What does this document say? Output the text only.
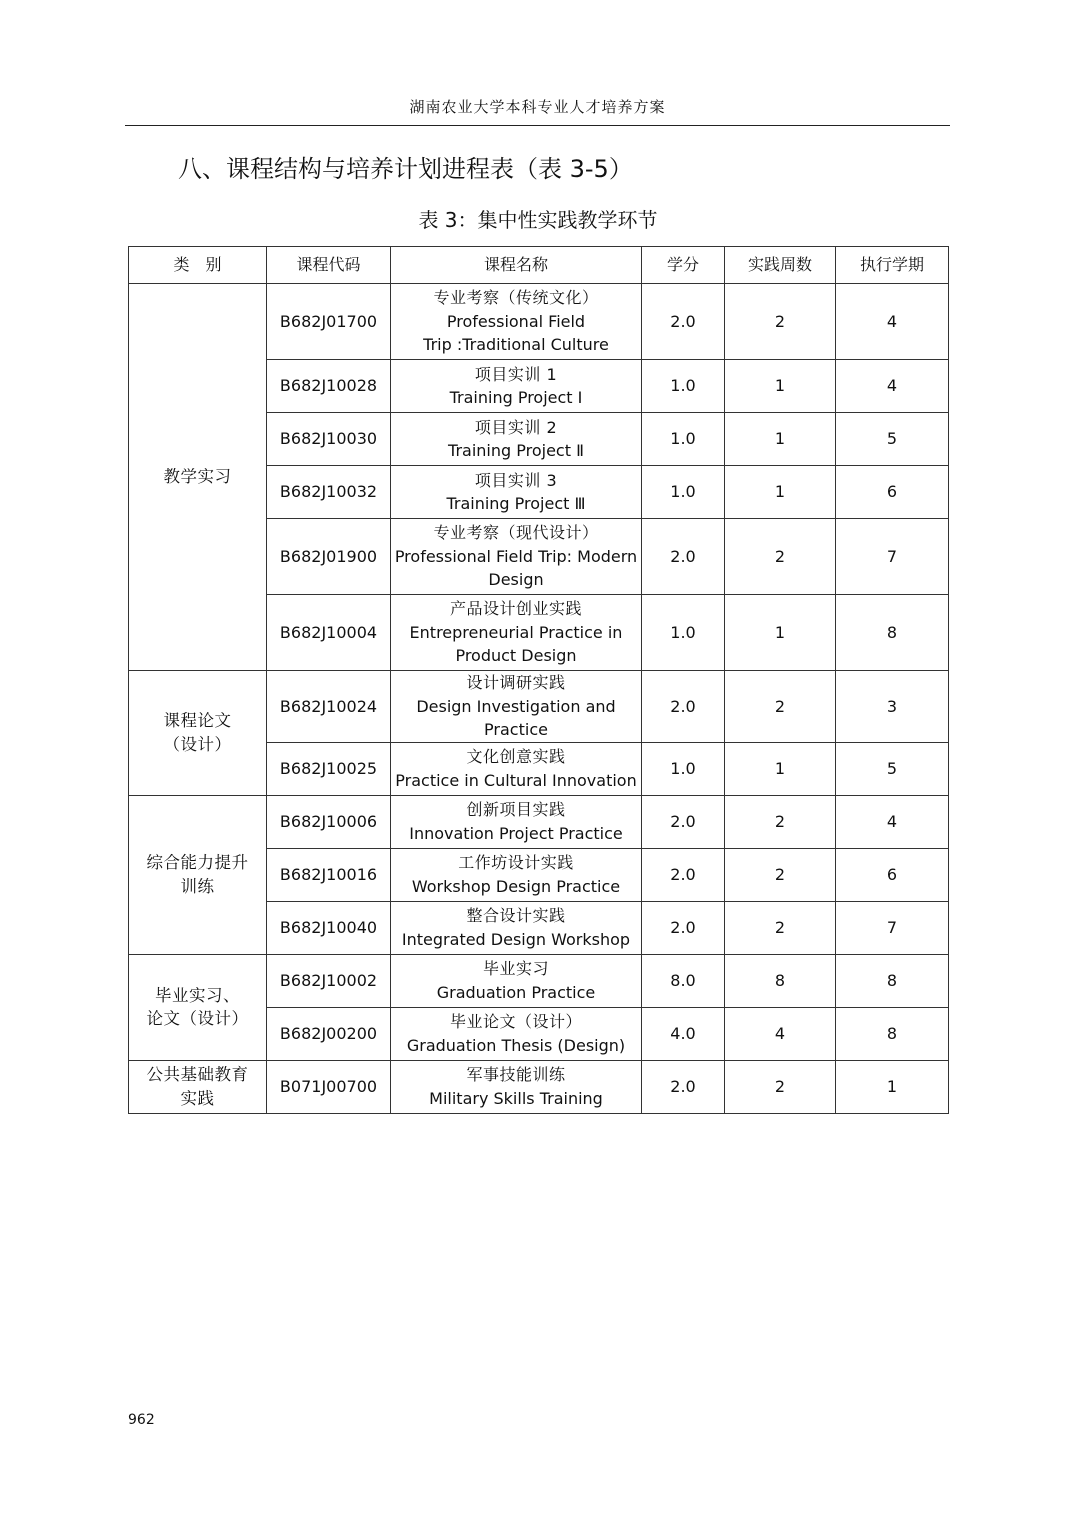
湖南农业大学本科专业人才培养方案
八、课程结构与培养计划进程表（表 3-5）
表 3：集中性实践教学环节
类　别	课程代码	课程名称	学分	实践周数	执行学期

教学实习	B682J01700	专业考察（传统文化）
Professional Field
Trip :Traditional Culture	2.0	2	4
	B682J10028	项目实训 1
Training Project Ⅰ	1.0	1	4
	B682J10030	项目实训 2
Training Project Ⅱ	1.0	1	5
	B682J10032	项目实训 3
Training Project Ⅲ	1.0	1	6
	B682J01900	专业考察（现代设计）
Professional Field Trip: Modern
Design	2.0	2	7
	B682J10004	产品设计创业实践
Entrepreneurial Practice in
Product Design	1.0	1	8

课程论文
（设计）	B682J10024	设计调研实践
Design Investigation and Practice	2.0	2	3
	B682J10025	文化创意实践
Practice in Cultural Innovation	1.0	1	5

综合能力提升
训练	B682J10006	创新项目实践
Innovation Project Practice	2.0	2	4
	B682J10016	工作坊设计实践
Workshop Design Practice	2.0	2	6
	B682J10040	整合设计实践
Integrated Design Workshop	2.0	2	7

毕业实习、
论文（设计）	B682J10002	毕业实习
Graduation Practice	8.0	8	8
	B682J00200	毕业论文（设计）
Graduation Thesis (Design)	4.0	4	8

公共基础教育
实践	B071J00700	军事技能训练
Military Skills Training	2.0	2	1
962
